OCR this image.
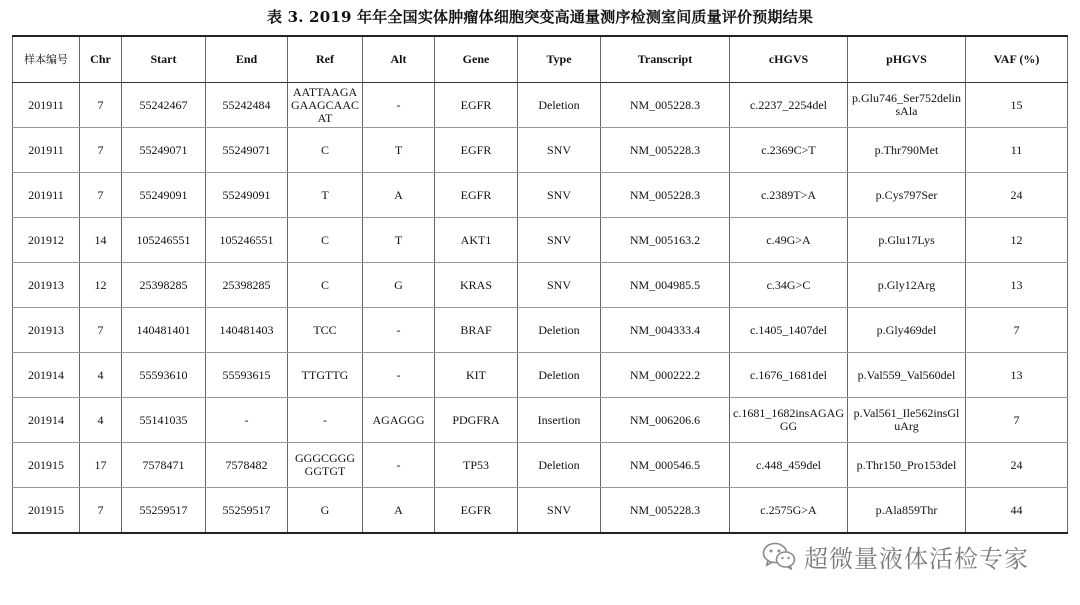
表 3. 2019 年年全国实体肿瘤体细胞突变高通量测序检测室间质量评价预期结果
样本编号	Chr	Start	End	Ref	Alt	Gene	Type	Transcript	cHGVS	pHGVS	VAF (%)
201911	7	55242467	55242484	AATTAAGAGAAGCAACAT	-	EGFR	Deletion	NM_005228.3	c.2237_2254del	p.Glu746_Ser752delinsAla	15
201911	7	55249071	55249071	C	T	EGFR	SNV	NM_005228.3	c.2369C>T	p.Thr790Met	11
201911	7	55249091	55249091	T	A	EGFR	SNV	NM_005228.3	c.2389T>A	p.Cys797Ser	24
201912	14	105246551	105246551	C	T	AKT1	SNV	NM_005163.2	c.49G>A	p.Glu17Lys	12
201913	12	25398285	25398285	C	G	KRAS	SNV	NM_004985.5	c.34G>C	p.Gly12Arg	13
201913	7	140481401	140481403	TCC	-	BRAF	Deletion	NM_004333.4	c.1405_1407del	p.Gly469del	7
201914	4	55593610	55593615	TTGTTG	-	KIT	Deletion	NM_000222.2	c.1676_1681del	p.Val559_Val560del	13
201914	4	55141035	-	-	AGAGGG	PDGFRA	Insertion	NM_006206.6	c.1681_1682insAGAGGG	p.Val561_Ile562insGluArg	7
201915	17	7578471	7578482	GGGCGGGGGTGT	-	TP53	Deletion	NM_000546.5	c.448_459del	p.Thr150_Pro153del	24
201915	7	55259517	55259517	G	A	EGFR	SNV	NM_005228.3	c.2575G>A	p.Ala859Thr	44
超微量液体活检专家
